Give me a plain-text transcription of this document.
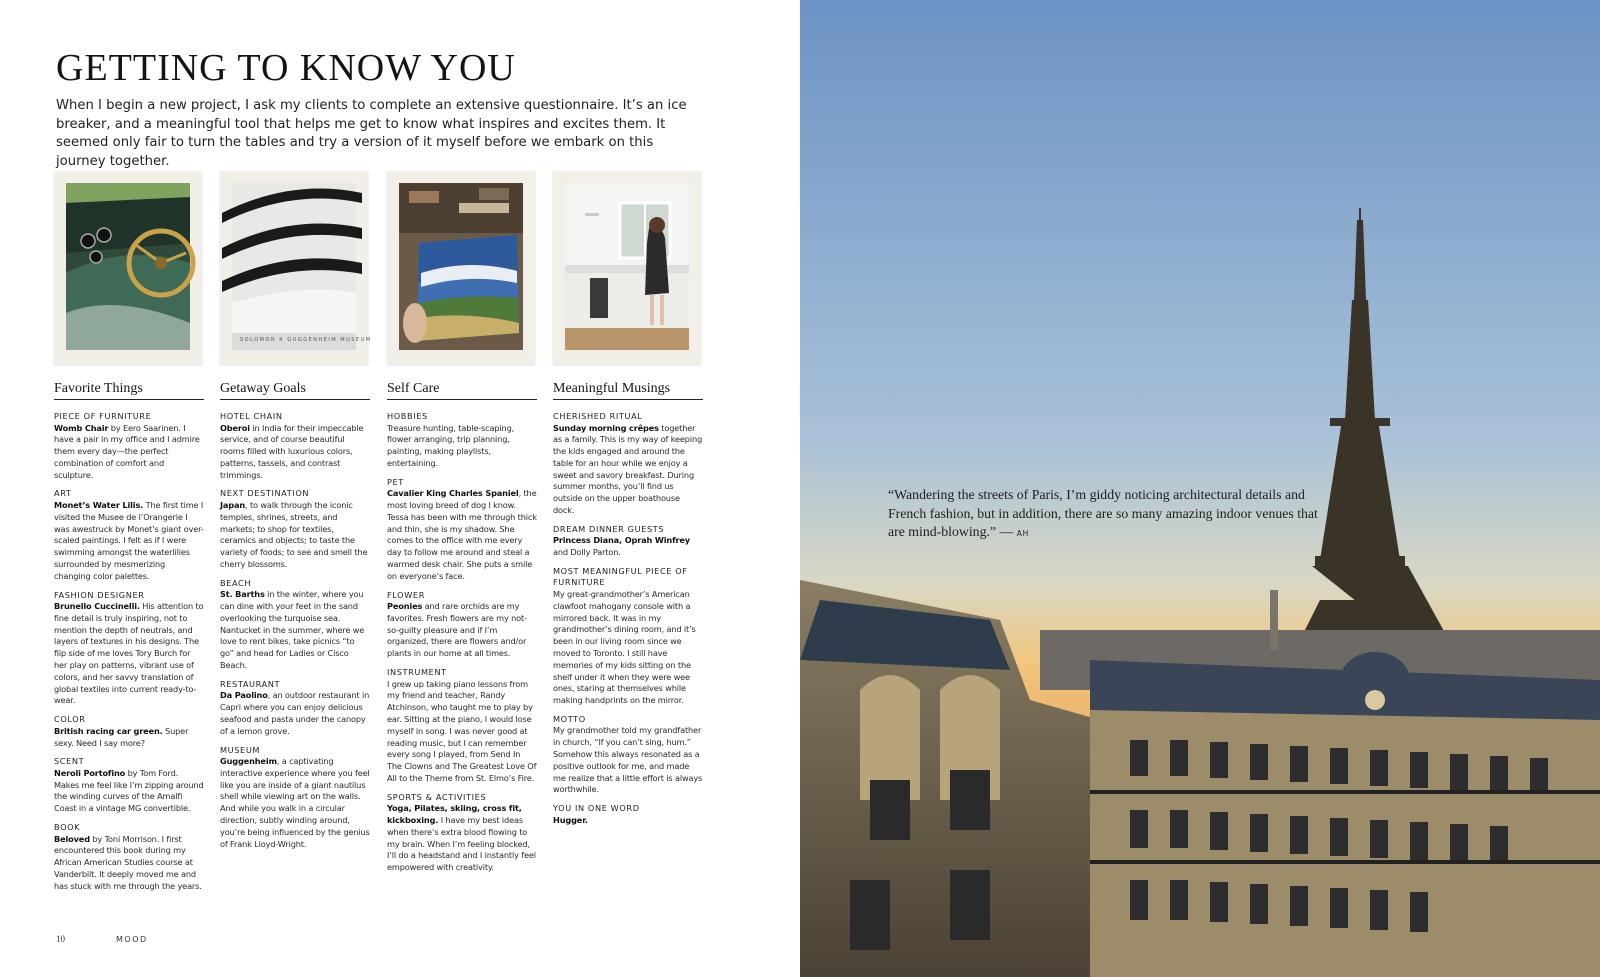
GETTING TO KNOW YOU

When I begin a new project, I ask my clients to complete an extensive questionnaire. It’s an ice breaker, and a meaningful tool that helps me get to know what inspires and excites them. It seemed only fair to turn the tables and try a version of it myself before we embark on this journey together.

SOLOMON R GUGGENHEIM MUSEUM
Favorite Things
PIECE OF FURNITURE
Womb Chair by Eero Saarinen. I have a pair in my office and I admire them every day—the perfect combination of comfort and sculpture.
ART
Monet’s Water Lilis. The first time I visited the Musee de l’Orangerie I was awestruck by Monet’s giant over-scaled paintings. I felt as if I were swimming amongst the waterlilies surrounded by mesmerizing changing color palettes.
FASHION DESIGNER
Brunello Cuccinelli. His attention to fine detail is truly inspiring, not to mention the depth of neutrals, and layers of textures in his designs. The flip side of me loves Tory Burch for her play on patterns, vibrant use of colors, and her savvy translation of global textiles into current ready-to-wear.
COLOR
British racing car green. Super sexy. Need I say more?
SCENT
Neroli Portofino by Tom Ford. Makes me feel like I’m zipping around the winding curves of the Amalfi Coast in a vintage MG convertible.
BOOK
Beloved by Toni Morrison. I first encountered this book during my African American Studies course at Vanderbilt. It deeply moved me and has stuck with me through the years.
Getaway Goals
HOTEL CHAIN
Oberoi in India for their impeccable service, and of course beautiful rooms filled with luxurious colors, patterns, tassels, and contrast trimmings.
NEXT DESTINATION
Japan, to walk through the iconic temples, shrines, streets, and markets; to shop for textiles, ceramics and objects; to taste the variety of foods; to see and smell the cherry blossoms.
BEACH
St. Barths in the winter, where you can dine with your feet in the sand overlooking the turquoise sea. Nantucket in the summer, where we love to rent bikes, take picnics “to go” and head for Ladies or Cisco Beach.
RESTAURANT
Da Paolino, an outdoor restaurant in Capri where you can enjoy delicious seafood and pasta under the canopy of a lemon grove.
MUSEUM
Guggenheim, a captivating interactive experience where you feel like you are inside of a giant nautilus shell while viewing art on the walls. And while you walk in a circular direction, subtly winding around, you’re being influenced by the genius of Frank Lloyd-Wright.
Self Care
HOBBIES
Treasure hunting, table-scaping, flower arranging, trip planning, painting, making playlists, entertaining.
PET
Cavalier King Charles Spaniel, the most loving breed of dog I know. Tessa has been with me through thick and thin, she is my shadow. She comes to the office with me every day to follow me around and steal a warmed desk chair. She puts a smile on everyone’s face.
FLOWER
Peonies and rare orchids are my favorites. Fresh flowers are my not-so-guilty pleasure and if I’m organized, there are flowers and/or plants in our home at all times.
INSTRUMENT
I grew up taking piano lessons from my friend and teacher, Randy Atchinson, who taught me to play by ear. Sitting at the piano, I would lose myself in song. I was never good at reading music, but I can remember every song I played, from Send In The Clowns and The Greatest Love Of All to the Theme from St. Elmo’s Fire.
SPORTS & ACTIVITIES
Yoga, Pilates, skiing, cross fit, kickboxing. I have my best ideas when there’s extra blood flowing to my brain. When I’m feeling blocked, I’ll do a headstand and I instantly feel empowered with creativity.
Meaningful Musings
CHERISHED RITUAL
Sunday morning crêpes together as a family. This is my way of keeping the kids engaged and around the table for an hour while we enjoy a sweet and savory breakfast. During summer months, you’ll find us outside on the upper boathouse dock.
DREAM DINNER GUESTS
Princess Diana, Oprah Winfrey and Dolly Parton.
MOST MEANINGFUL PIECE OF FURNITURE
My great-grandmother’s American clawfoot mahogany console with a mirrored back. It was in my grandmother’s dining room, and it’s been in our living room since we moved to Toronto. I still have memories of my kids sitting on the shelf under it when they were wee ones, staring at themselves while making handprints on the mirror.
MOTTO
My grandmother told my grandfather in church, “If you can’t sing, hum.” Somehow this always resonated as a positive outlook for me, and made me realize that a little effort is always worthwhile.
YOU IN ONE WORD
Hugger.
10	MOOD

“Wandering the streets of Paris, I’m giddy noticing architectural details and French fashion, but in addition, there are so many amazing indoor venues that are mind-blowing.” — AH
